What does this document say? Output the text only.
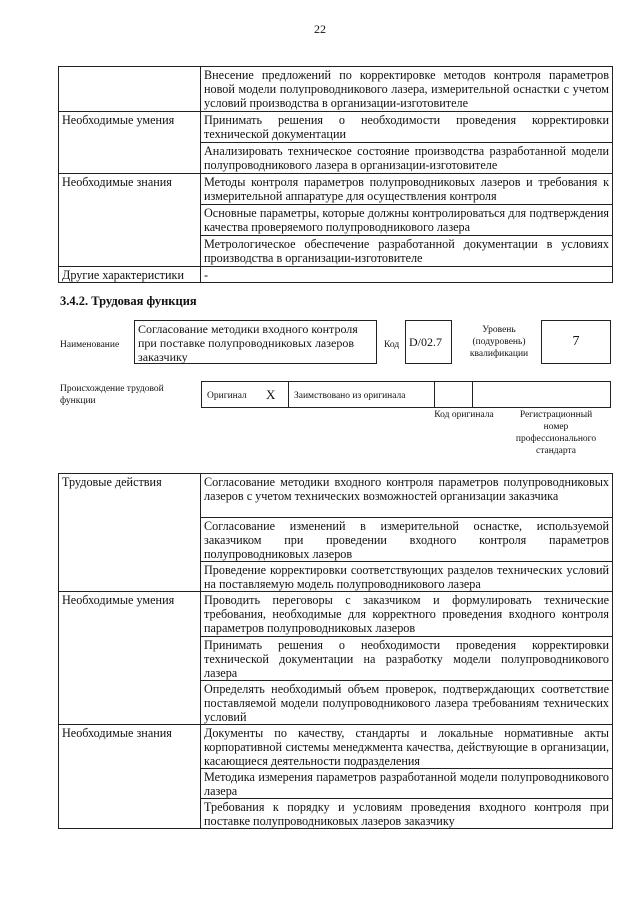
22
	Внесение предложений по корректировке методов контроля параметров новой модели полупроводникового лазера, измерительной оснастки с учетом условий производства в организации-изготовителе
Необходимые умения	Принимать решения о необходимости проведения корректировки технической документации
	Анализировать техническое состояние производства разработанной модели полупроводникового лазера в организации-изготовителе
Необходимые знания	Методы контроля параметров полупроводниковых лазеров и требования к измерительной аппаратуре для осуществления контроля
	Основные параметры, которые должны контролироваться для подтверждения качества проверяемого полупроводникового лазера
	Метрологическое обеспечение разработанной документации в условиях производства в организации-изготовителе
Другие характеристики	-
3.4.2. Трудовая функция
Наименование
Согласование методики входного контроля при поставке полупроводниковых лазеров заказчику
Код D/02.7
Уровень (подуровень) квалификации
7
Происхождение трудовой функции	Оригинал X Заимствовано из оригинала
Код оригинала	Регистрационный номер профессионального стандарта
Трудовые действия	Согласование методики входного контроля параметров полупроводниковых лазеров с учетом технических возможностей организации заказчика
	Согласование изменений в измерительной оснастке, используемой заказчиком при проведении входного контроля параметров полупроводниковых лазеров
	Проведение корректировки соответствующих разделов технических условий на поставляемую модель полупроводникового лазера
Необходимые умения	Проводить переговоры с заказчиком и формулировать технические требования, необходимые для корректного проведения входного контроля параметров полупроводниковых лазеров
	Принимать решения о необходимости проведения корректировки технической документации на разработку модели полупроводникового лазера
	Определять необходимый объем проверок, подтверждающих соответствие поставляемой модели полупроводникового лазера требованиям технических условий
Необходимые знания	Документы по качеству, стандарты и локальные нормативные акты корпоративной системы менеджмента качества, действующие в организации, касающиеся деятельности подразделения
	Методика измерения параметров разработанной модели полупроводникового лазера
	Требования к порядку и условиям проведения входного контроля при поставке полупроводниковых лазеров заказчику
